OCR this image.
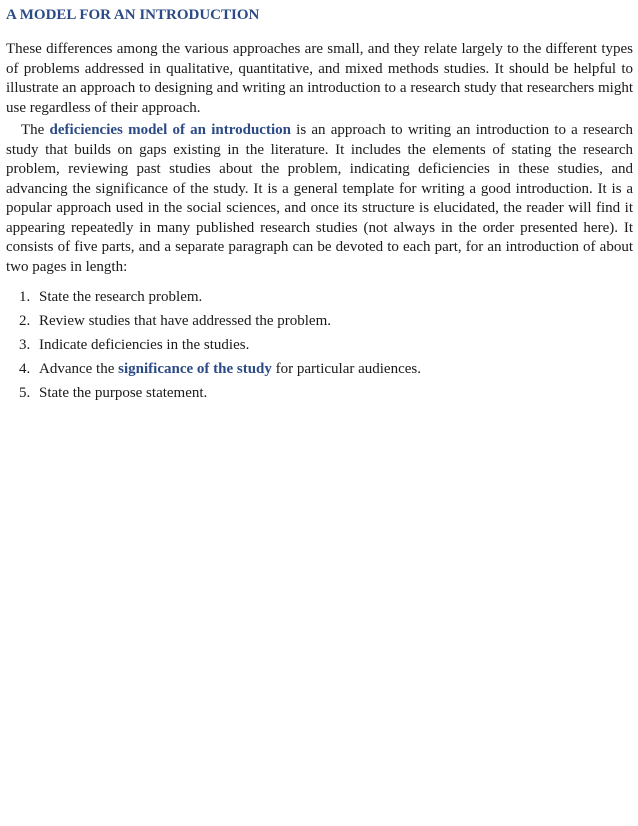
A MODEL FOR AN INTRODUCTION

These differences among the various approaches are small, and they relate largely to the different types of problems addressed in qualitative, quantitative, and mixed methods studies. It should be helpful to illustrate an approach to designing and writing an introduction to a research study that researchers might use regardless of their approach.

The deficiencies model of an introduction is an approach to writing an introduction to a research study that builds on gaps existing in the literature. It includes the elements of stating the research problem, reviewing past studies about the problem, indicating deficiencies in these studies, and advancing the significance of the study. It is a general template for writing a good introduction. It is a popular approach used in the social sciences, and once its structure is elucidated, the reader will find it appearing repeatedly in many published research studies (not always in the order presented here). It consists of five parts, and a separate paragraph can be devoted to each part, for an introduction of about two pages in length:

1. State the research problem.
2. Review studies that have addressed the problem.
3. Indicate deficiencies in the studies.
4. Advance the significance of the study for particular audiences.
5. State the purpose statement.
